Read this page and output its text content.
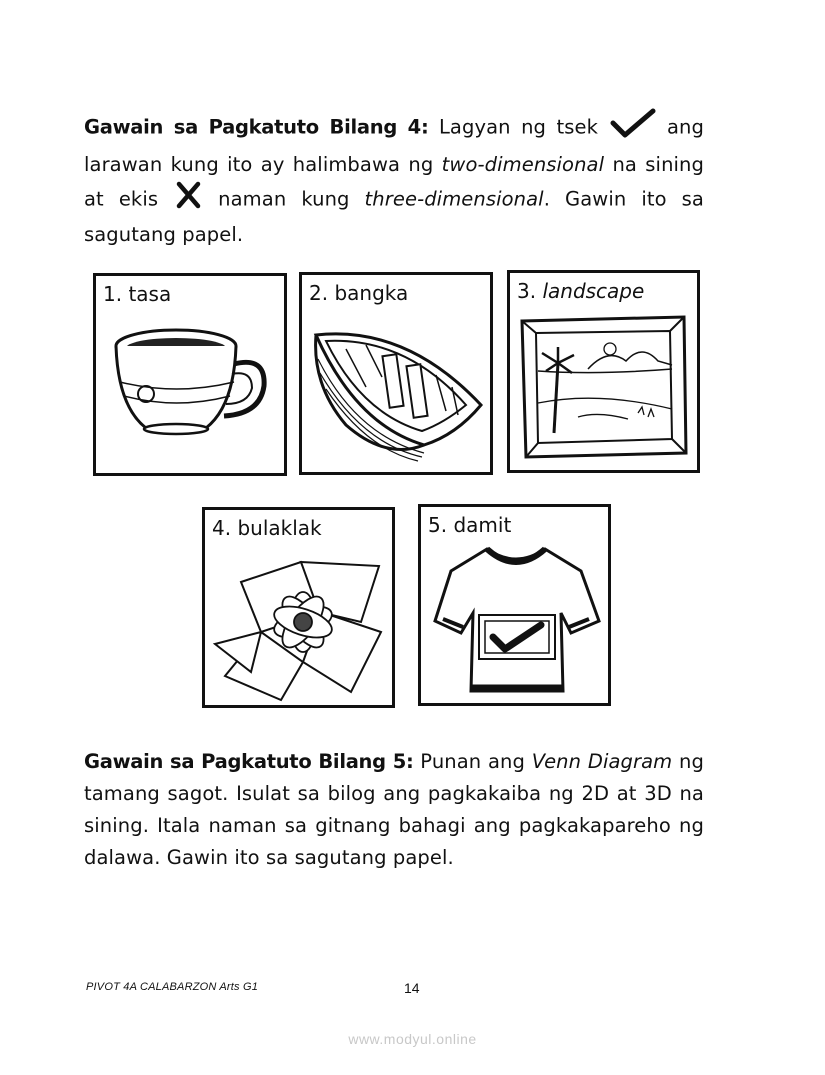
Gawain sa Pagkatuto Bilang 4: Lagyan ng tsek  ang larawan kung ito ay halimbawa ng two-dimensional na sining at ekis  naman kung three-dimensional. Gawin ito sa sagutang papel.
1. tasa	2. bangka	3. landscape
4. bulaklak	5. damit
Gawain sa Pagkatuto Bilang 5: Punan ang Venn Diagram ng tamang sagot. Isulat sa bilog ang pagkakaiba ng 2D at 3D na sining. Itala naman sa gitnang bahagi ang pagkakapareho ng dalawa. Gawin ito sa sagutang papel.
PIVOT 4A CALABARZON Arts G1	14
www.modyul.online
